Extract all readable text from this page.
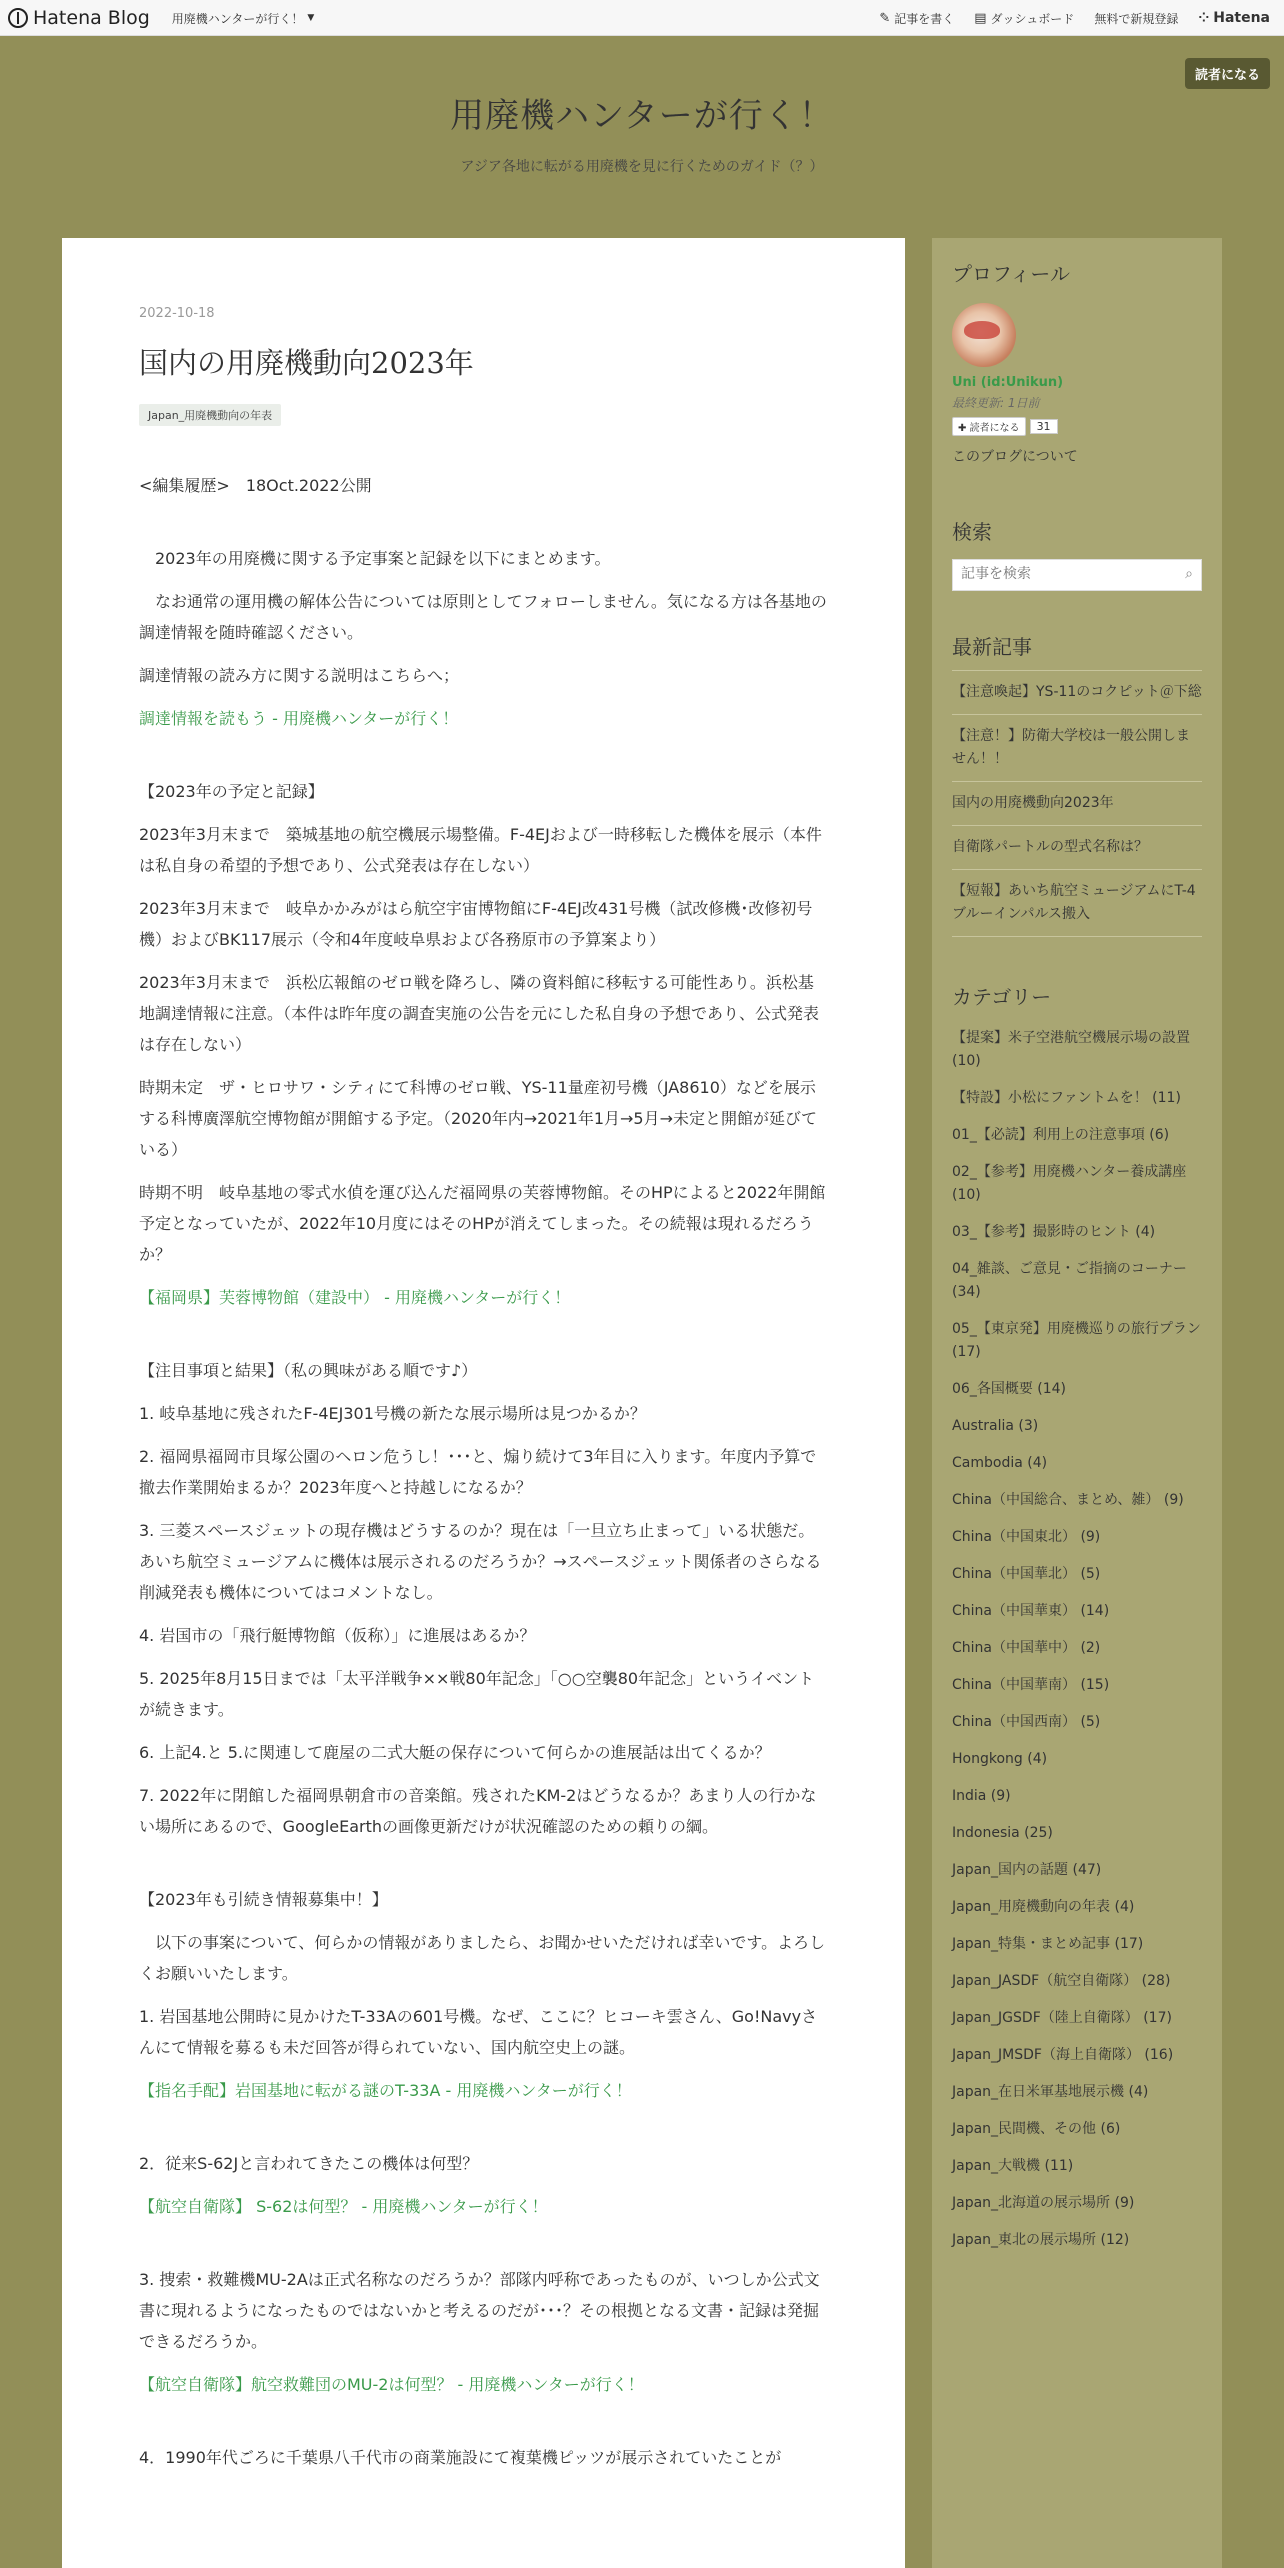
Hatena Blog 用廃機ハンターが行く！ ▼	✎ 記事を書く ▤ ダッシュボード 無料で新規登録 ⁘ Hatena
読者になる
用廃機ハンターが行く！
アジア各地に転がる用廃機を見に行くためのガイド（？）
2022-10-18
国内の用廃機動向2023年
Japan_用廃機動向の年表

<編集履歴>　18Oct.2022公開

　2023年の用廃機に関する予定事案と記録を以下にまとめます。

　なお通常の運用機の解体公告については原則としてフォローしません。気になる方は各基地の調達情報を随時確認ください。

調達情報の読み方に関する説明はこちらへ；

調達情報を読もう - 用廃機ハンターが行く！

【2023年の予定と記録】

2023年3月末まで　築城基地の航空機展示場整備。F-4EJおよび一時移転した機体を展示（本件は私自身の希望的予想であり、公式発表は存在しない）

2023年3月末まで　岐阜かかみがはら航空宇宙博物館にF-4EJ改431号機（試改修機･改修初号機）およびBK117展示（令和4年度岐阜県および各務原市の予算案より）

2023年3月末まで　浜松広報館のゼロ戦を降ろし、隣の資料館に移転する可能性あり。浜松基地調達情報に注意。（本件は昨年度の調査実施の公告を元にした私自身の予想であり、公式発表は存在しない）

時期未定　ザ・ヒロサワ・シティにて科博のゼロ戦、YS-11量産初号機（JA8610）などを展示する科博廣澤航空博物館が開館する予定。（2020年内→2021年1月→5月→未定と開館が延びている）

時期不明　岐阜基地の零式水偵を運び込んだ福岡県の芙蓉博物館。そのHPによると2022年開館予定となっていたが、2022年10月度にはそのHPが消えてしまった。その続報は現れるだろうか？

【福岡県】芙蓉博物館（建設中） - 用廃機ハンターが行く！

【注目事項と結果】（私の興味がある順です♪）

1. 岐阜基地に残されたF-4EJ301号機の新たな展示場所は見つかるか？

2. 福岡県福岡市貝塚公園のヘロン危うし！･･･と、煽り続けて3年目に入ります。年度内予算で撤去作業開始まるか？2023年度へと持越しになるか？

3. 三菱スペースジェットの現存機はどうするのか？現在は「一旦立ち止まって」いる状態だ。あいち航空ミュージアムに機体は展示されるのだろうか？→スペースジェット関係者のさらなる削減発表も機体についてはコメントなし。

4. 岩国市の「飛行艇博物館（仮称）」に進展はあるか？

5. 2025年8月15日までは「太平洋戦争××戦80年記念」「○○空襲80年記念」というイベントが続きます。

6. 上記4.と 5.に関連して鹿屋の二式大艇の保存について何らかの進展話は出てくるか？

7. 2022年に閉館した福岡県朝倉市の音楽館。残されたKM-2はどうなるか？あまり人の行かない場所にあるので、GoogleEarthの画像更新だけが状況確認のための頼りの綱。

【2023年も引続き情報募集中！】

　以下の事案について、何らかの情報がありましたら、お聞かせいただければ幸いです。よろしくお願いいたします。

1. 岩国基地公開時に見かけたT-33Aの601号機。なぜ、ここに？ヒコーキ雲さん、Go!Navyさんにて情報を募るも未だ回答が得られていない、国内航空史上の謎。

【指名手配】岩国基地に転がる謎のT-33A - 用廃機ハンターが行く！

2．従来S-62Jと言われてきたこの機体は何型？

【航空自衛隊】 S-62は何型？ - 用廃機ハンターが行く！

3. 捜索・救難機MU-2Aは正式名称なのだろうか？部隊内呼称であったものが、いつしか公式文書に現れるようになったものではないかと考えるのだが･･･？その根拠となる文書・記録は発掘できるだろうか。

【航空自衛隊】航空救難団のMU-2は何型？ - 用廃機ハンターが行く！

4．1990年代ごろに千葉県八千代市の商業施設にて複葉機ピッツが展示されていたことが

プロフィール
Uni (id:Unikun)
最終更新: 1日前
✚ 読者になる	31
このブログについて
検索
記事を検索
⌕
最新記事
【注意喚起】YS-11のコクピット＠下総
【注意！】防衛大学校は一般公開しません！！
国内の用廃機動向2023年
自衛隊パートルの型式名称は？
【短報】あいち航空ミュージアムにT-4ブルーインパルス搬入
カテゴリー
【提案】米子空港航空機展示場の設置 (10)
【特設】小松にファントムを！ (11)
01_【必読】利用上の注意事項 (6)
02_【参考】用廃機ハンター養成講座 (10)
03_【参考】撮影時のヒント (4)
04_雑談、ご意見・ご指摘のコーナー (34)
05_【東京発】用廃機巡りの旅行プラン (17)
06_各国概要 (14)
Australia (3)
Cambodia (4)
China（中国総合、まとめ、雑） (9)
China（中国東北） (9)
China（中国華北） (5)
China（中国華東） (14)
China（中国華中） (2)
China（中国華南） (15)
China（中国西南） (5)
Hongkong (4)
India (9)
Indonesia (25)
Japan_国内の話題 (47)
Japan_用廃機動向の年表 (4)
Japan_特集・まとめ記事 (17)
Japan_JASDF（航空自衛隊） (28)
Japan_JGSDF（陸上自衛隊） (17)
Japan_JMSDF（海上自衛隊） (16)
Japan_在日米軍基地展示機 (4)
Japan_民間機、その他 (6)
Japan_大戦機 (11)
Japan_北海道の展示場所 (9)
Japan_東北の展示場所 (12)
